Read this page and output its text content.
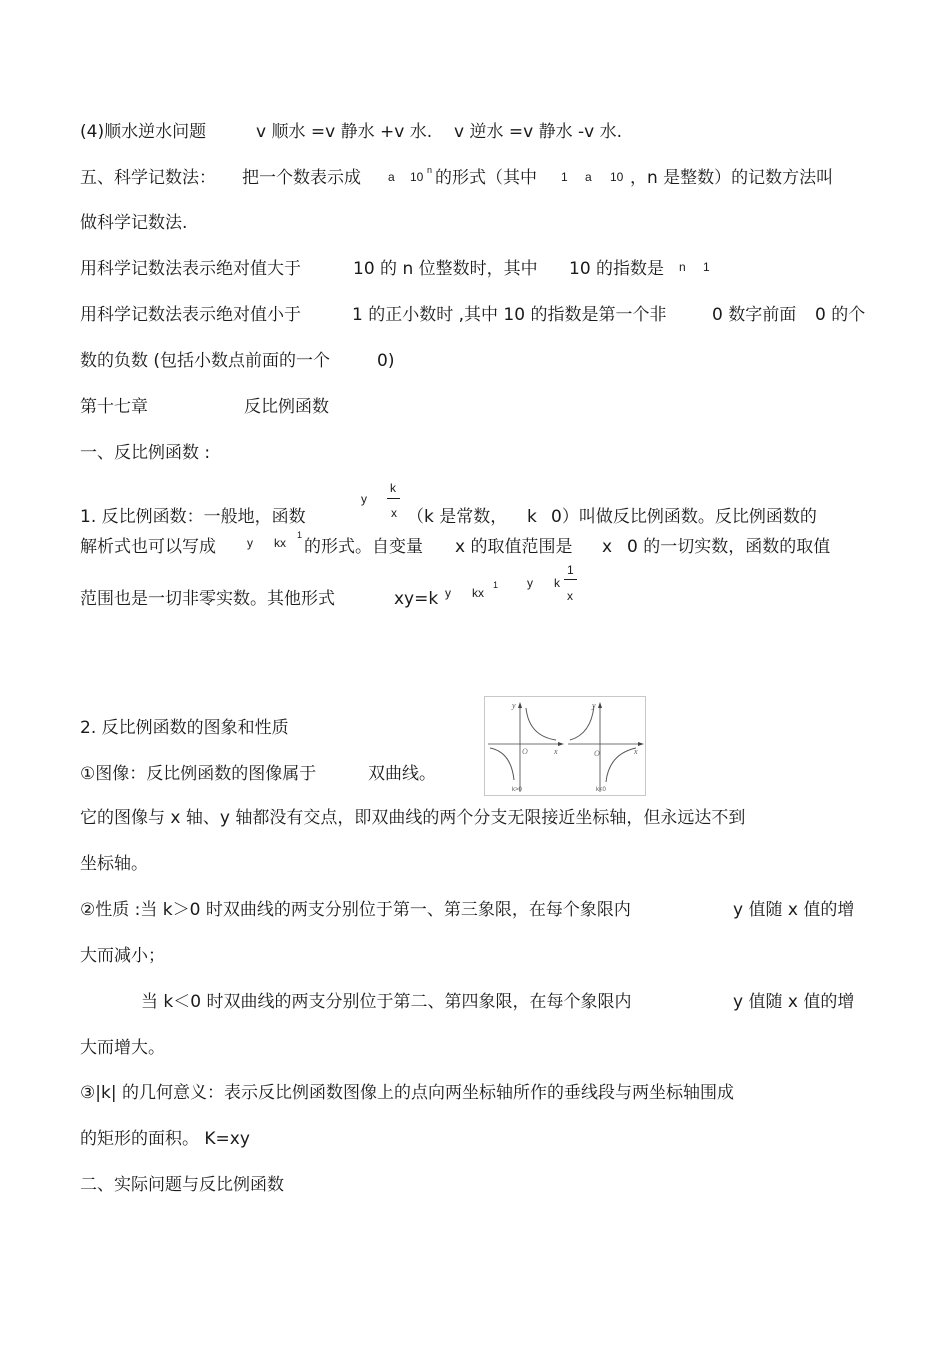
(4)顺水逆水问题	v 顺水 =v 静水 +v 水. v 逆水 =v 静水 -v 水.
五、科学记数法： 把一个数表示成 a 10 n 的形式（其中 1 a 10 ，n 是整数）的记数方法叫
做科学记数法.
用科学记数法表示绝对值大于	10 的 n 位整数时，其中 10 的指数是 n 1
用科学记数法表示绝对值小于	1 的正小数时 ,其中 10 的指数是第一个非	0 数字前面 0 的个
数的负数 (包括小数点前面的一个	0)
第十七章	反比例函数
一、反比例函数 :
1. 反比例函数：一般地，函数
y
k
x （k 是常数， k 0）叫做反比例函数。反比例函数的
解析式也可以写成	y kx
1
的形式。自变量 x 的取值范围是 x 0 的一切实数，函数的取值
范围也是一切非零实数。其他形式	xy=k y kx
1 y k
1
x
2. 反比例函数的图象和性质
y
x
O
k>0
y
x
O
k<0
①图像：反比例函数的图像属于	双曲线。
它的图像与 x 轴、y 轴都没有交点，即双曲线的两个分支无限接近坐标轴，但永远达不到
坐标轴。
②性质 :当 k＞0 时双曲线的两支分别位于第一、第三象限，在每个象限内	y 值随 x 值的增
大而减小；
当 k＜0 时双曲线的两支分别位于第二、第四象限，在每个象限内	y 值随 x 值的增
大而增大。
③|k| 的几何意义：表示反比例函数图像上的点向两坐标轴所作的垂线段与两坐标轴围成
的矩形的面积。 K=xy
二、实际问题与反比例函数
